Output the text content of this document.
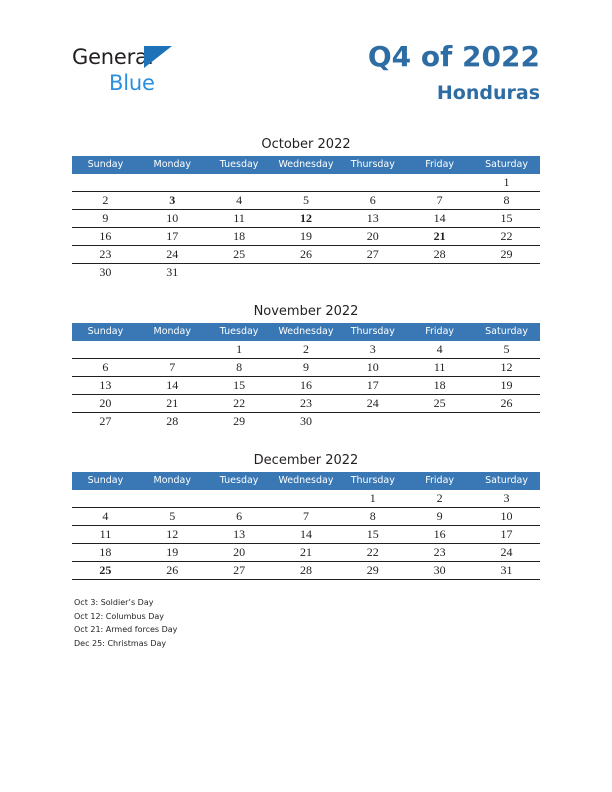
General
Blue
Q4 of 2022
Honduras
October 2022
Sunday	Monday	Tuesday	Wednesday	Thursday	Friday	Saturday
						1
2	3	4	5	6	7	8
9	10	11	12	13	14	15
16	17	18	19	20	21	22
23	24	25	26	27	28	29
30	31					
November 2022
Sunday	Monday	Tuesday	Wednesday	Thursday	Friday	Saturday
		1	2	3	4	5
6	7	8	9	10	11	12
13	14	15	16	17	18	19
20	21	22	23	24	25	26
27	28	29	30			
December 2022
Sunday	Monday	Tuesday	Wednesday	Thursday	Friday	Saturday
				1	2	3
4	5	6	7	8	9	10
11	12	13	14	15	16	17
18	19	20	21	22	23	24
25	26	27	28	29	30	31
Oct 3: Soldier’s Day
Oct 12: Columbus Day
Oct 21: Armed forces Day
Dec 25: Christmas Day
